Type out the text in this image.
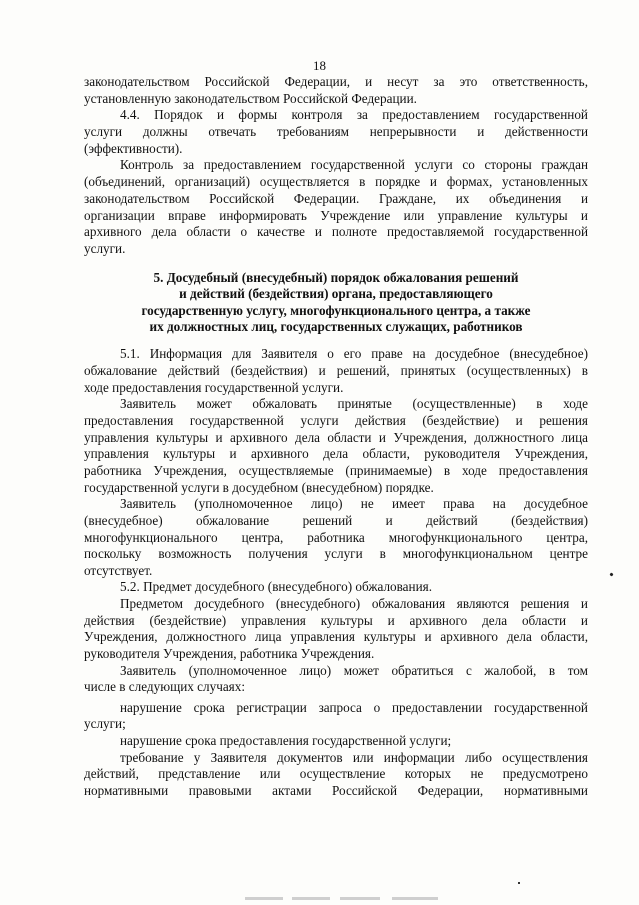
18
законодательством Российской Федерации, и несут за это ответственность,
установленную законодательством Российской Федерации.
4.4. Порядок и формы контроля за предоставлением государственной
услуги должны отвечать требованиям непрерывности и действенности
(эффективности).
Контроль за предоставлением государственной услуги со стороны граждан
(объединений, организаций) осуществляется в порядке и формах, установленных
законодательством Российской Федерации. Граждане, их объединения и
организации вправе информировать Учреждение или управление культуры и
архивного дела области о качестве и полноте предоставляемой государственной
услуги.
5. Досудебный (внесудебный) порядок обжалования решений
и действий (бездействия) органа, предоставляющего
государственную услугу, многофункционального центра, а также
их должностных лиц, государственных служащих, работников
5.1. Информация для Заявителя о его праве на досудебное (внесудебное)
обжалование действий (бездействия) и решений, принятых (осуществленных) в
ходе предоставления государственной услуги.
Заявитель может обжаловать принятые (осуществленные) в ходе
предоставления государственной услуги действия (бездействие) и решения
управления культуры и архивного дела области и Учреждения, должностного лица
управления культуры и архивного дела области, руководителя Учреждения,
работника Учреждения, осуществляемые (принимаемые) в ходе предоставления
государственной услуги в досудебном (внесудебном) порядке.
Заявитель (уполномоченное лицо) не имеет права на досудебное
(внесудебное) обжалование решений и действий (бездействия)
многофункционального центра, работника многофункционального центра,
поскольку возможность получения услуги в многофункциональном центре
отсутствует.
5.2. Предмет досудебного (внесудебного) обжалования.
Предметом досудебного (внесудебного) обжалования являются решения и
действия (бездействие) управления культуры и архивного дела области и
Учреждения, должностного лица управления культуры и архивного дела области,
руководителя Учреждения, работника Учреждения.
Заявитель (уполномоченное лицо) может обратиться с жалобой, в том
числе в следующих случаях:
нарушение срока регистрации запроса о предоставлении государственной
услуги;
нарушение срока предоставления государственной услуги;
требование у Заявителя документов или информации либо осуществления
действий, представление или осуществление которых не предусмотрено
нормативными правовыми актами Российской Федерации, нормативными
